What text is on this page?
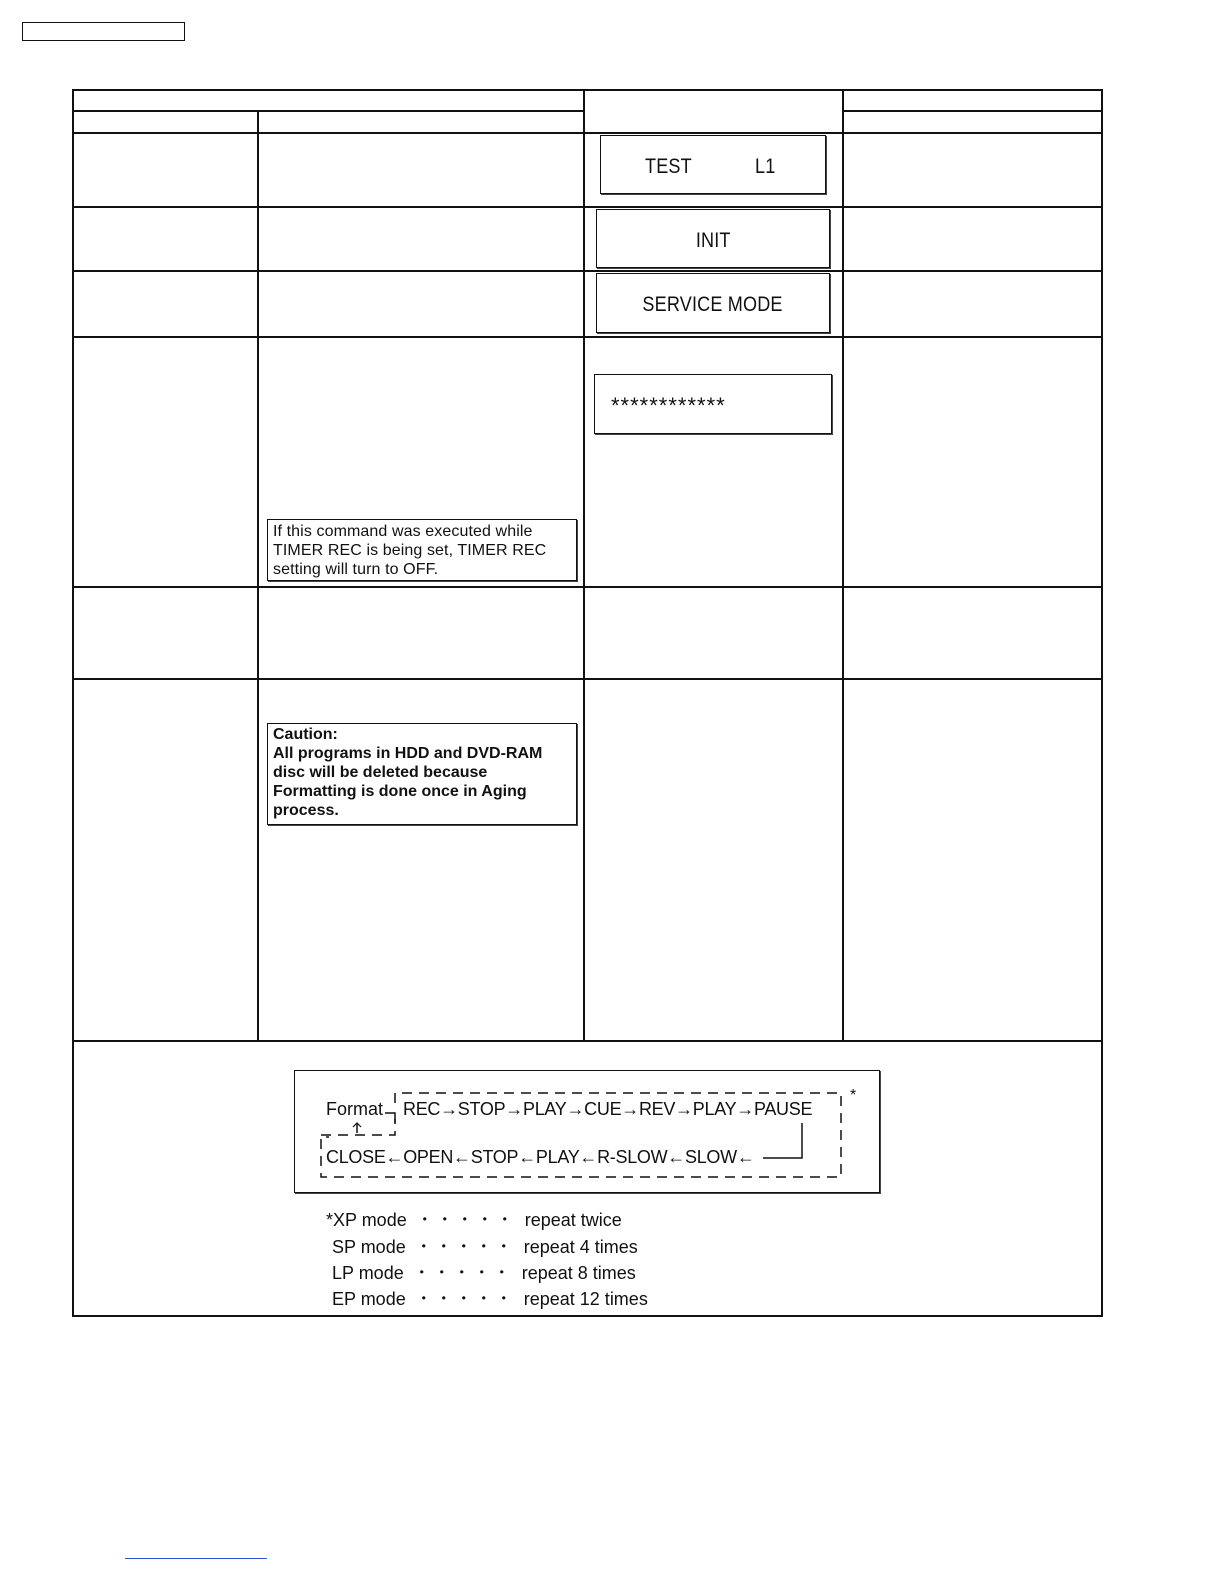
TEST	L1
INIT
SERVICE MODE
************
If this command was executed while TIMER REC is being set, TIMER REC setting will turn to OFF.
Caution:
All programs in HDD and DVD-RAM disc will be deleted because Formatting is done once in Aging process.
Format REC→STOP→PLAY→CUE→REV→PLAY→PAUSE
CLOSE←OPEN←STOP←PLAY←R-SLOW←SLOW←
*
*XP mode ・・・・・ repeat twice
SP mode ・・・・・ repeat 4 times
LP mode ・・・・・ repeat 8 times
EP mode ・・・・・ repeat 12 times
